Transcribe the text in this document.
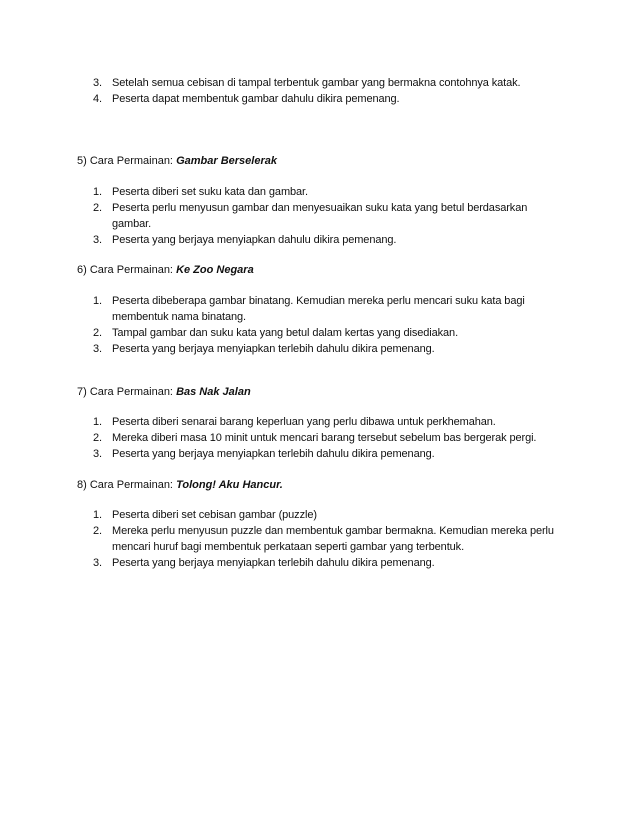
3. Setelah semua cebisan di tampal terbentuk gambar yang bermakna contohnya katak.
4. Peserta dapat membentuk gambar dahulu dikira pemenang.
5) Cara Permainan: Gambar Berselerak
1. Peserta diberi set suku kata dan gambar.
2. Peserta perlu menyusun gambar dan menyesuaikan suku kata yang betul berdasarkan gambar.
3. Peserta yang berjaya menyiapkan dahulu dikira pemenang.
6) Cara Permainan: Ke Zoo Negara
1. Peserta dibeberapa gambar binatang. Kemudian mereka perlu mencari suku kata bagi membentuk nama binatang.
2. Tampal gambar dan suku kata yang betul dalam kertas yang disediakan.
3. Peserta yang berjaya menyiapkan terlebih dahulu dikira pemenang.
7) Cara Permainan: Bas Nak Jalan
1. Peserta diberi senarai barang keperluan yang perlu dibawa untuk perkhemahan.
2. Mereka diberi masa 10 minit untuk mencari barang tersebut sebelum bas bergerak pergi.
3. Peserta yang berjaya menyiapkan terlebih dahulu dikira pemenang.
8) Cara Permainan: Tolong! Aku Hancur.
1. Peserta diberi set cebisan gambar (puzzle)
2. Mereka perlu menyusun puzzle dan membentuk gambar bermakna. Kemudian mereka perlu mencari huruf bagi membentuk perkataan seperti gambar yang terbentuk.
3. Peserta yang berjaya menyiapkan terlebih dahulu dikira pemenang.
